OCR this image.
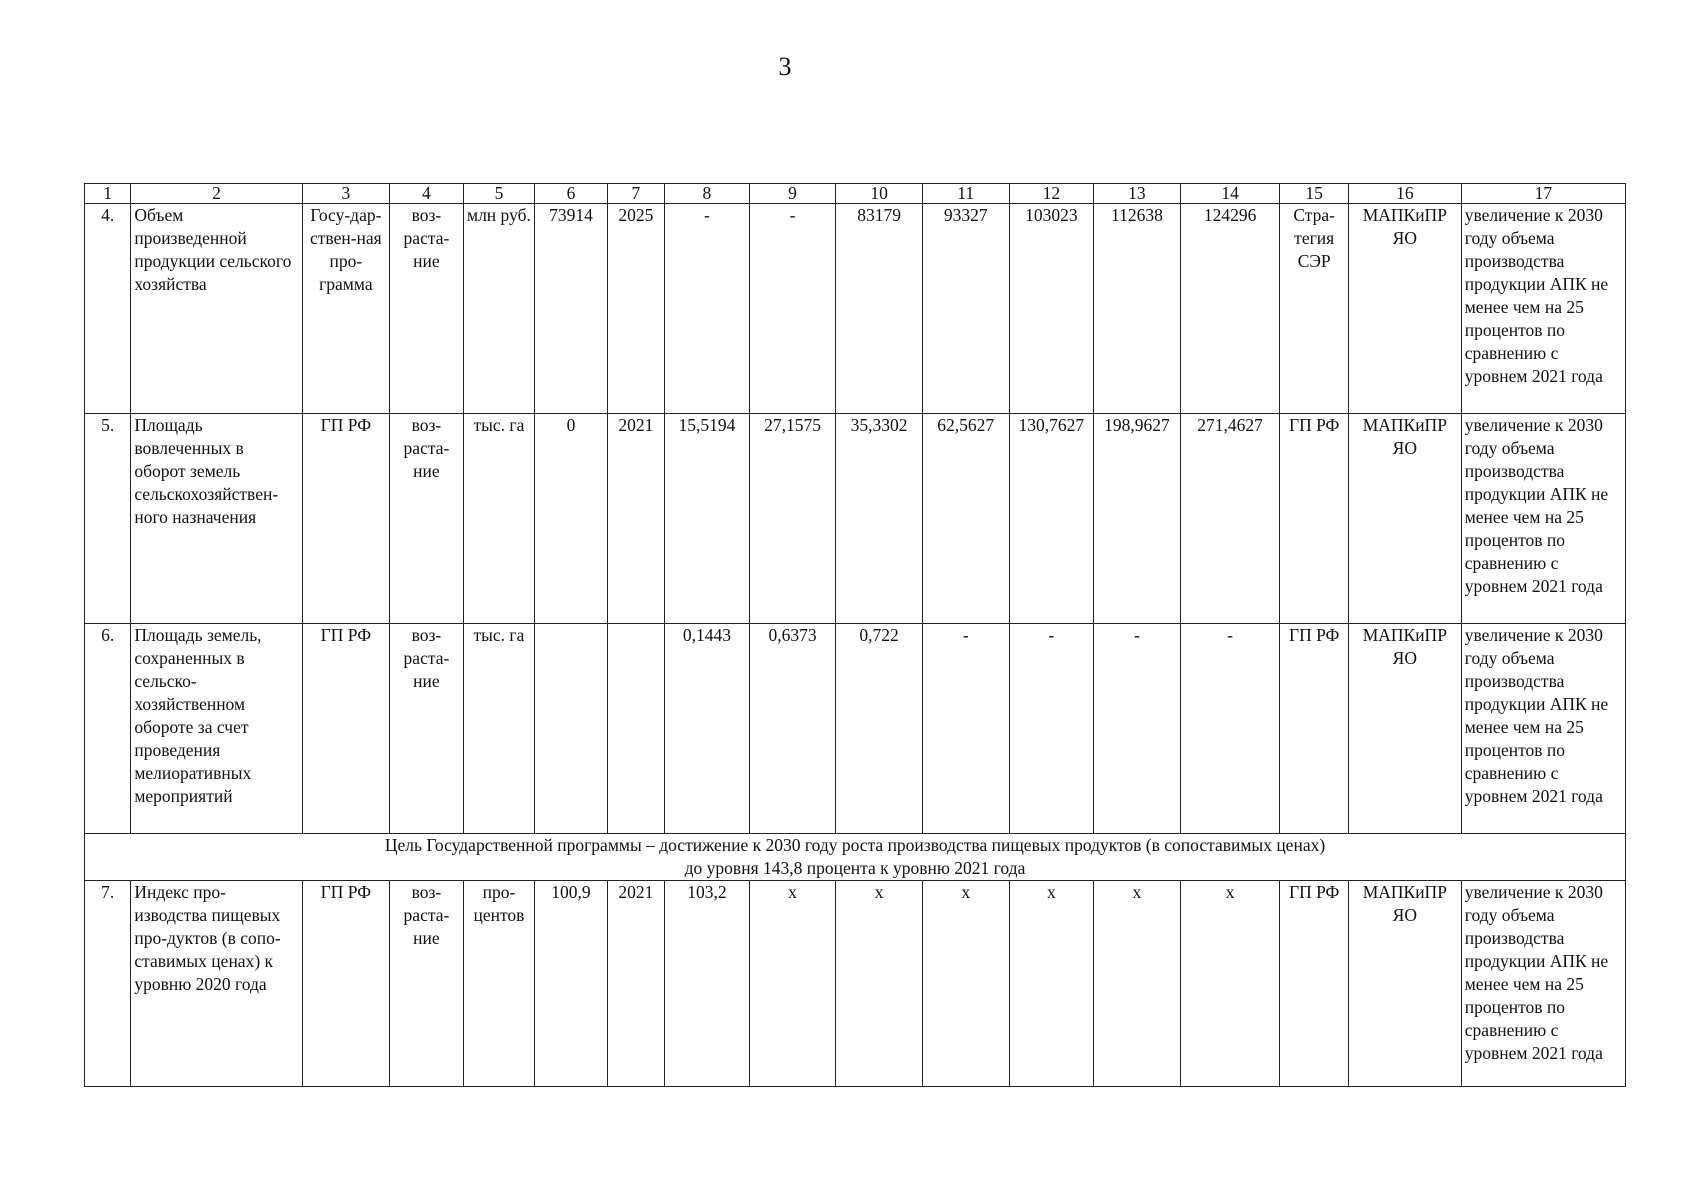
3
1	2	3	4	5	6	7	8	9	10	11	12	13	14	15	16	17
4.	Объем произведенной продукции сельского хозяйства	Госу-дар-ствен-ная про-грамма	воз-раста-ние	млн руб.	73914	2025	-	-	83179	93327	103023	112638	124296	Стра-тегия СЭР	МАПКиПР ЯО	увеличение к 2030 году объема производства продукции АПК не менее чем на 25 процентов по сравнению с уровнем 2021 года
5.	Площадь вовлеченных в оборот земель сельскохозяйствен-ного назначения	ГП РФ	воз-раста-ние	тыс. га	0	2021	15,5194	27,1575	35,3302	62,5627	130,7627	198,9627	271,4627	ГП РФ	МАПКиПР ЯО	увеличение к 2030 году объема производства продукции АПК не менее чем на 25 процентов по сравнению с уровнем 2021 года
6.	Площадь земель, сохраненных в сельско-хозяйственном обороте за счет проведения мелиоративных мероприятий	ГП РФ	воз-раста-ние	тыс. га			0,1443	0,6373	0,722	-	-	-	-	ГП РФ	МАПКиПР ЯО	увеличение к 2030 году объема производства продукции АПК не менее чем на 25 процентов по сравнению с уровнем 2021 года

Цель Государственной программы – достижение к 2030 году роста производства пищевых продуктов (в сопоставимых ценах)
до уровня 143,8 процента к уровню 2021 года																

7.	Индекс про-изводства пищевых про-дуктов (в сопо-ставимых ценах) к уровню 2020 года	ГП РФ	воз-раста-ние	про-центов	100,9	2021	103,2	х	х	х	х	х	х	ГП РФ	МАПКиПР ЯО	увеличение к 2030 году объема производства продукции АПК не менее чем на 25 процентов по сравнению с уровнем 2021 года
